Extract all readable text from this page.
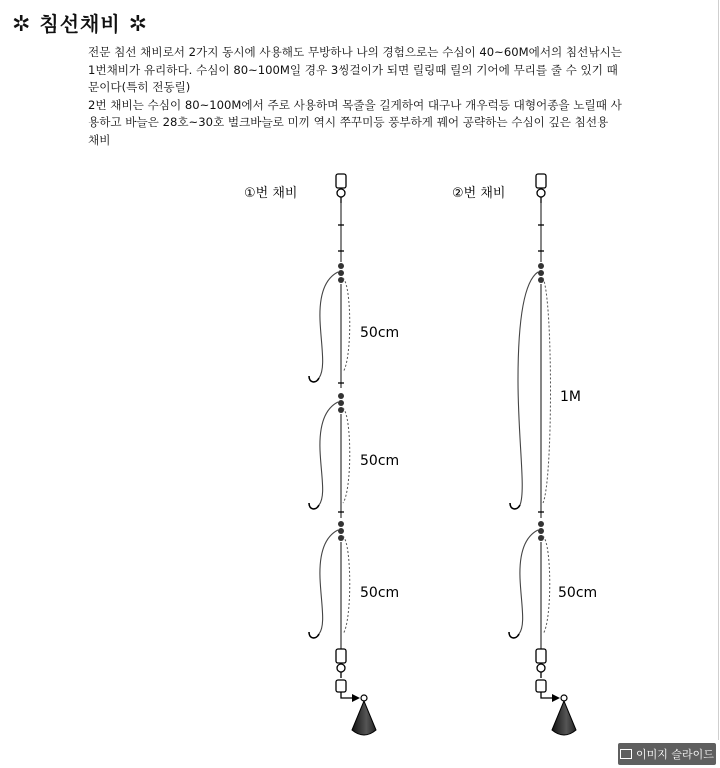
✲ 침선채비 ✲

전문 침선 채비로서 2가지 동시에 사용해도 무방하나 나의 경험으로는 수심이 40~60M에서의 침선낚시는 1번채비가 유리하다. 수심이 80~100M일 경우 3씽걸이가 되면 릴링때 릴의 기어에 무리를 줄 수 있기 때문이다(특히 전동릴)

2번 채비는 수심이 80~100M에서 주로 사용하며 목줄을 길게하여 대구나 개우럭등 대형어종을 노릴때 사용하고 바늘은 28호~30호 벌크바늘로 미끼 역시 쭈꾸미등 풍부하게 꿰어 공략하는 수심이 깊은 침선용 채비

①번 채비
50cm
50cm
50cm
②번 채비
1M
50cm
이미지 슬라이드
